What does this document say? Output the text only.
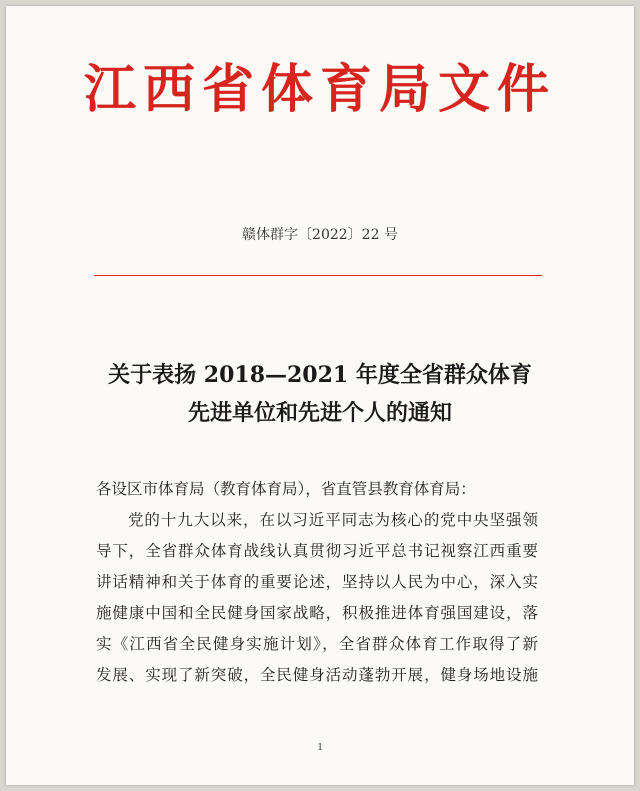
江西省体育局文件
赣体群字〔2022〕22 号
关于表扬 2018—2021 年度全省群众体育
先进单位和先进个人的通知

各设区市体育局（教育体育局），省直管县教育体育局：

党的十九大以来，在以习近平同志为核心的党中央坚强领

导下，全省群众体育战线认真贯彻习近平总书记视察江西重要

讲话精神和关于体育的重要论述，坚持以人民为中心，深入实

施健康中国和全民健身国家战略，积极推进体育强国建设，落

实《江西省全民健身实施计划》，全省群众体育工作取得了新

发展、实现了新突破，全民健身活动蓬勃开展，健身场地设施

1
